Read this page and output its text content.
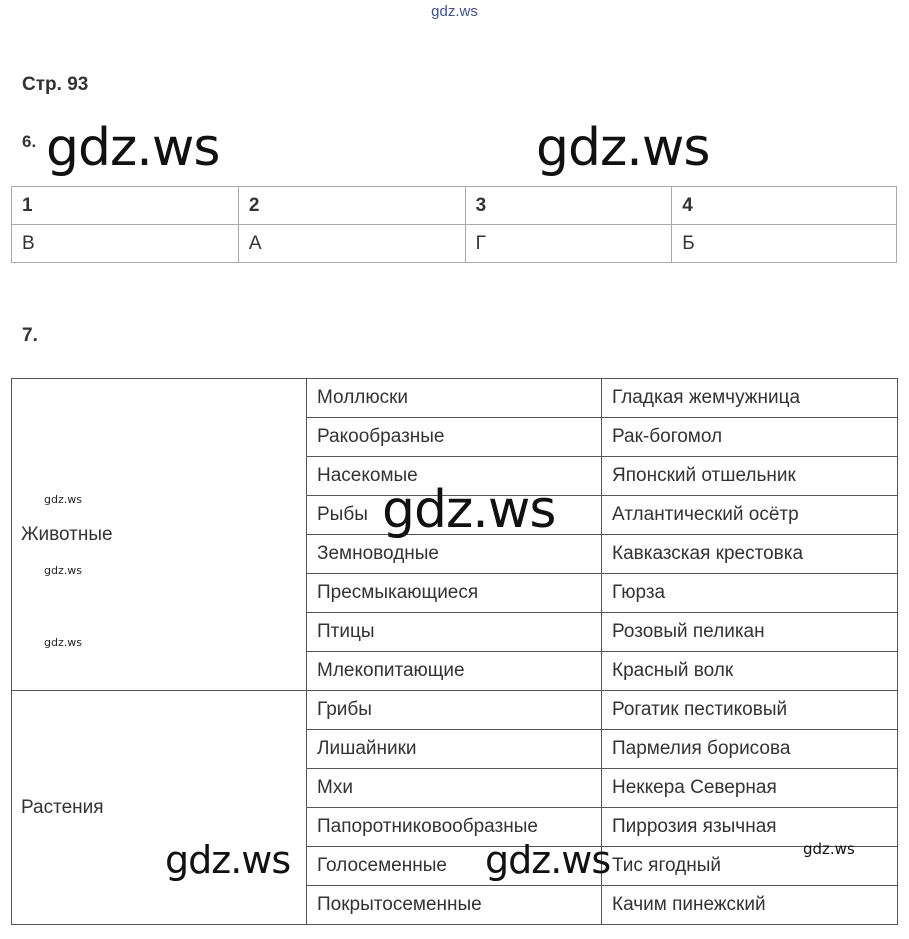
gdz.ws
Стр. 93
6.
1	2	3	4
В	А	Г	Б
7.
Животные	Моллюски	Гладкая жемчужница
	Ракообразные	Рак-богомол
	Насекомые	Японский отшельник
	Рыбы	Атлантический осётр
	Земноводные	Кавказская крестовка
	Пресмыкающиеся	Гюрза
	Птицы	Розовый пеликан
	Млекопитающие	Красный волк
Растения	Грибы	Рогатик пестиковый
	Лишайники	Пармелия борисова
	Мхи	Неккера Северная
	Папоротниковообразные	Пиррозия язычная
	Голосеменные	Тис ягодный
	Покрытосеменные	Качим пинежский
gdz.ws	gdz.ws
gdz.ws
gdz.ws	gdz.ws
gdz.ws
gdz.ws
gdz.ws
gdz.ws
